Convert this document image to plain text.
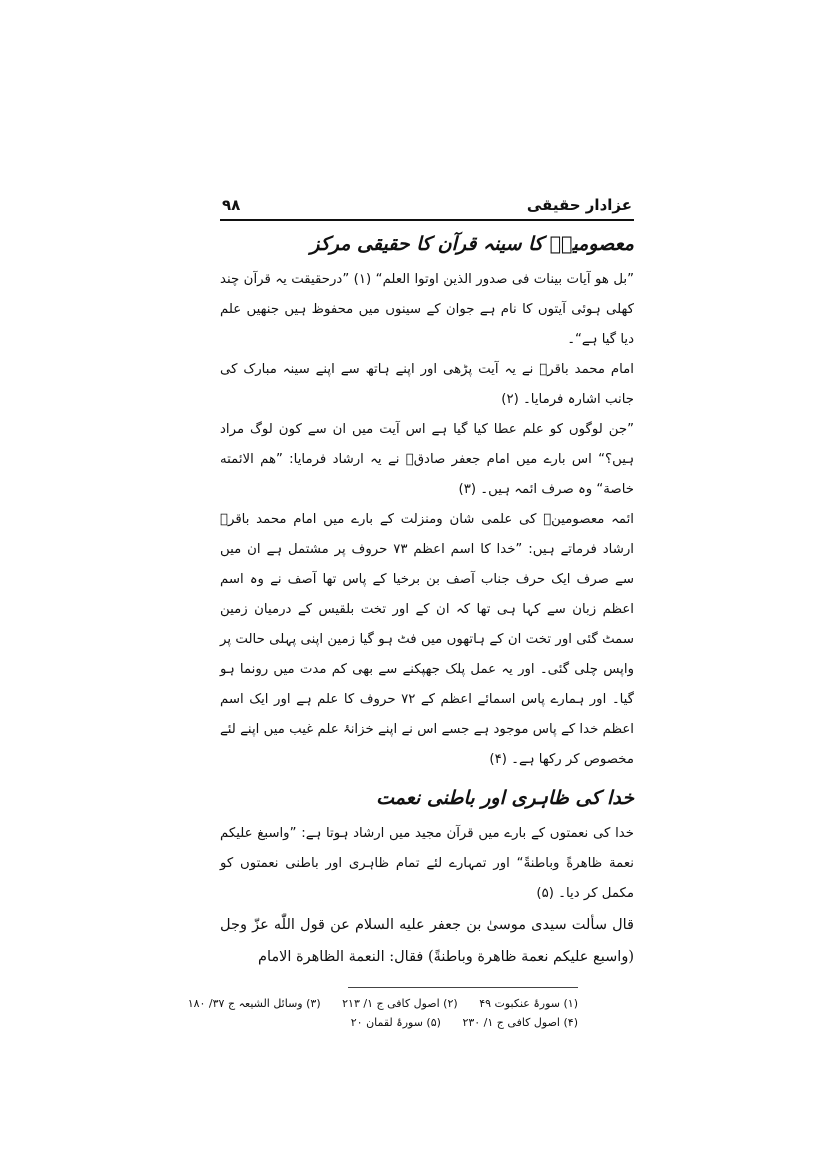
عزادار حقیقی
۹۸
معصومینؑ کا سینہ قرآن کا حقیقی مرکز

”بل هو آيات بينات فى صدور الذين اوتوا العلم“ (۱) ”درحقیقت یہ قرآن چند کھلی ہوئی آیتوں کا نام ہے جوان کے سینوں میں محفوظ ہیں جنھیں علم دیا گیا ہے“۔

امام محمد باقرؑ نے یہ آیت پڑھی اور اپنے ہاتھ سے اپنے سینہ مبارک کی جانب اشارہ فرمایا۔ (۲)

”جن لوگوں کو علم عطا کیا گیا ہے اس آیت میں ان سے کون لوگ مراد ہیں؟“ اس بارے میں امام جعفر صادقؑ نے یہ ارشاد فرمایا: ”هم الائمته خاصة“ وہ صرف ائمہ ہیں۔ (۳)

ائمہ معصومینؑ کی علمی شان ومنزلت کے بارے میں امام محمد باقرؑ ارشاد فرماتے ہیں: ”خدا کا اسم اعظم ۷۳ حروف پر مشتمل ہے ان میں سے صرف ایک حرف جناب آصف بن برخیا کے پاس تھا آصف نے وہ اسم اعظم زبان سے کہا ہی تھا کہ ان کے اور تخت بلقیس کے درمیان زمین سمٹ گئی اور تخت ان کے ہاتھوں میں فٹ ہو گیا زمین اپنی پہلی حالت پر واپس چلی گئی۔ اور یہ عمل پلک جھپکنے سے بھی کم مدت میں رونما ہو گیا۔ اور ہمارے پاس اسمائے اعظم کے ۷۲ حروف کا علم ہے اور ایک اسم اعظم خدا کے پاس موجود ہے جسے اس نے اپنے خزانۂ علم غیب میں اپنے لئے مخصوص کر رکھا ہے۔ (۴)

خدا کی ظاہری اور باطنی نعمت

خدا کی نعمتوں کے بارے میں قرآن مجید میں ارشاد ہوتا ہے: ”واسبغ عليكم نعمة ظاهرةً وباطنةً“ اور تمہارے لئے تمام ظاہری اور باطنی نعمتوں کو مکمل کر دیا۔ (۵)

قال سألت سيدى موسىٰ بن جعفر عليه السلام عن قول اللّٰه عزّ وجل (واسبع عليكم نعمة ظاهرة وباطنةً) فقال: النعمة الظاهرة الامام

(۱) سورۂ عنکبوت ۴۹ (۲) اصول کافی ج ۱/ ۲۱۳ (۳) وسائل الشیعہ ج ۳۷/ ۱۸۰
(۴) اصول کافی ج ۱/ ۲۳۰ (۵) سورۂ لقمان ۲۰
